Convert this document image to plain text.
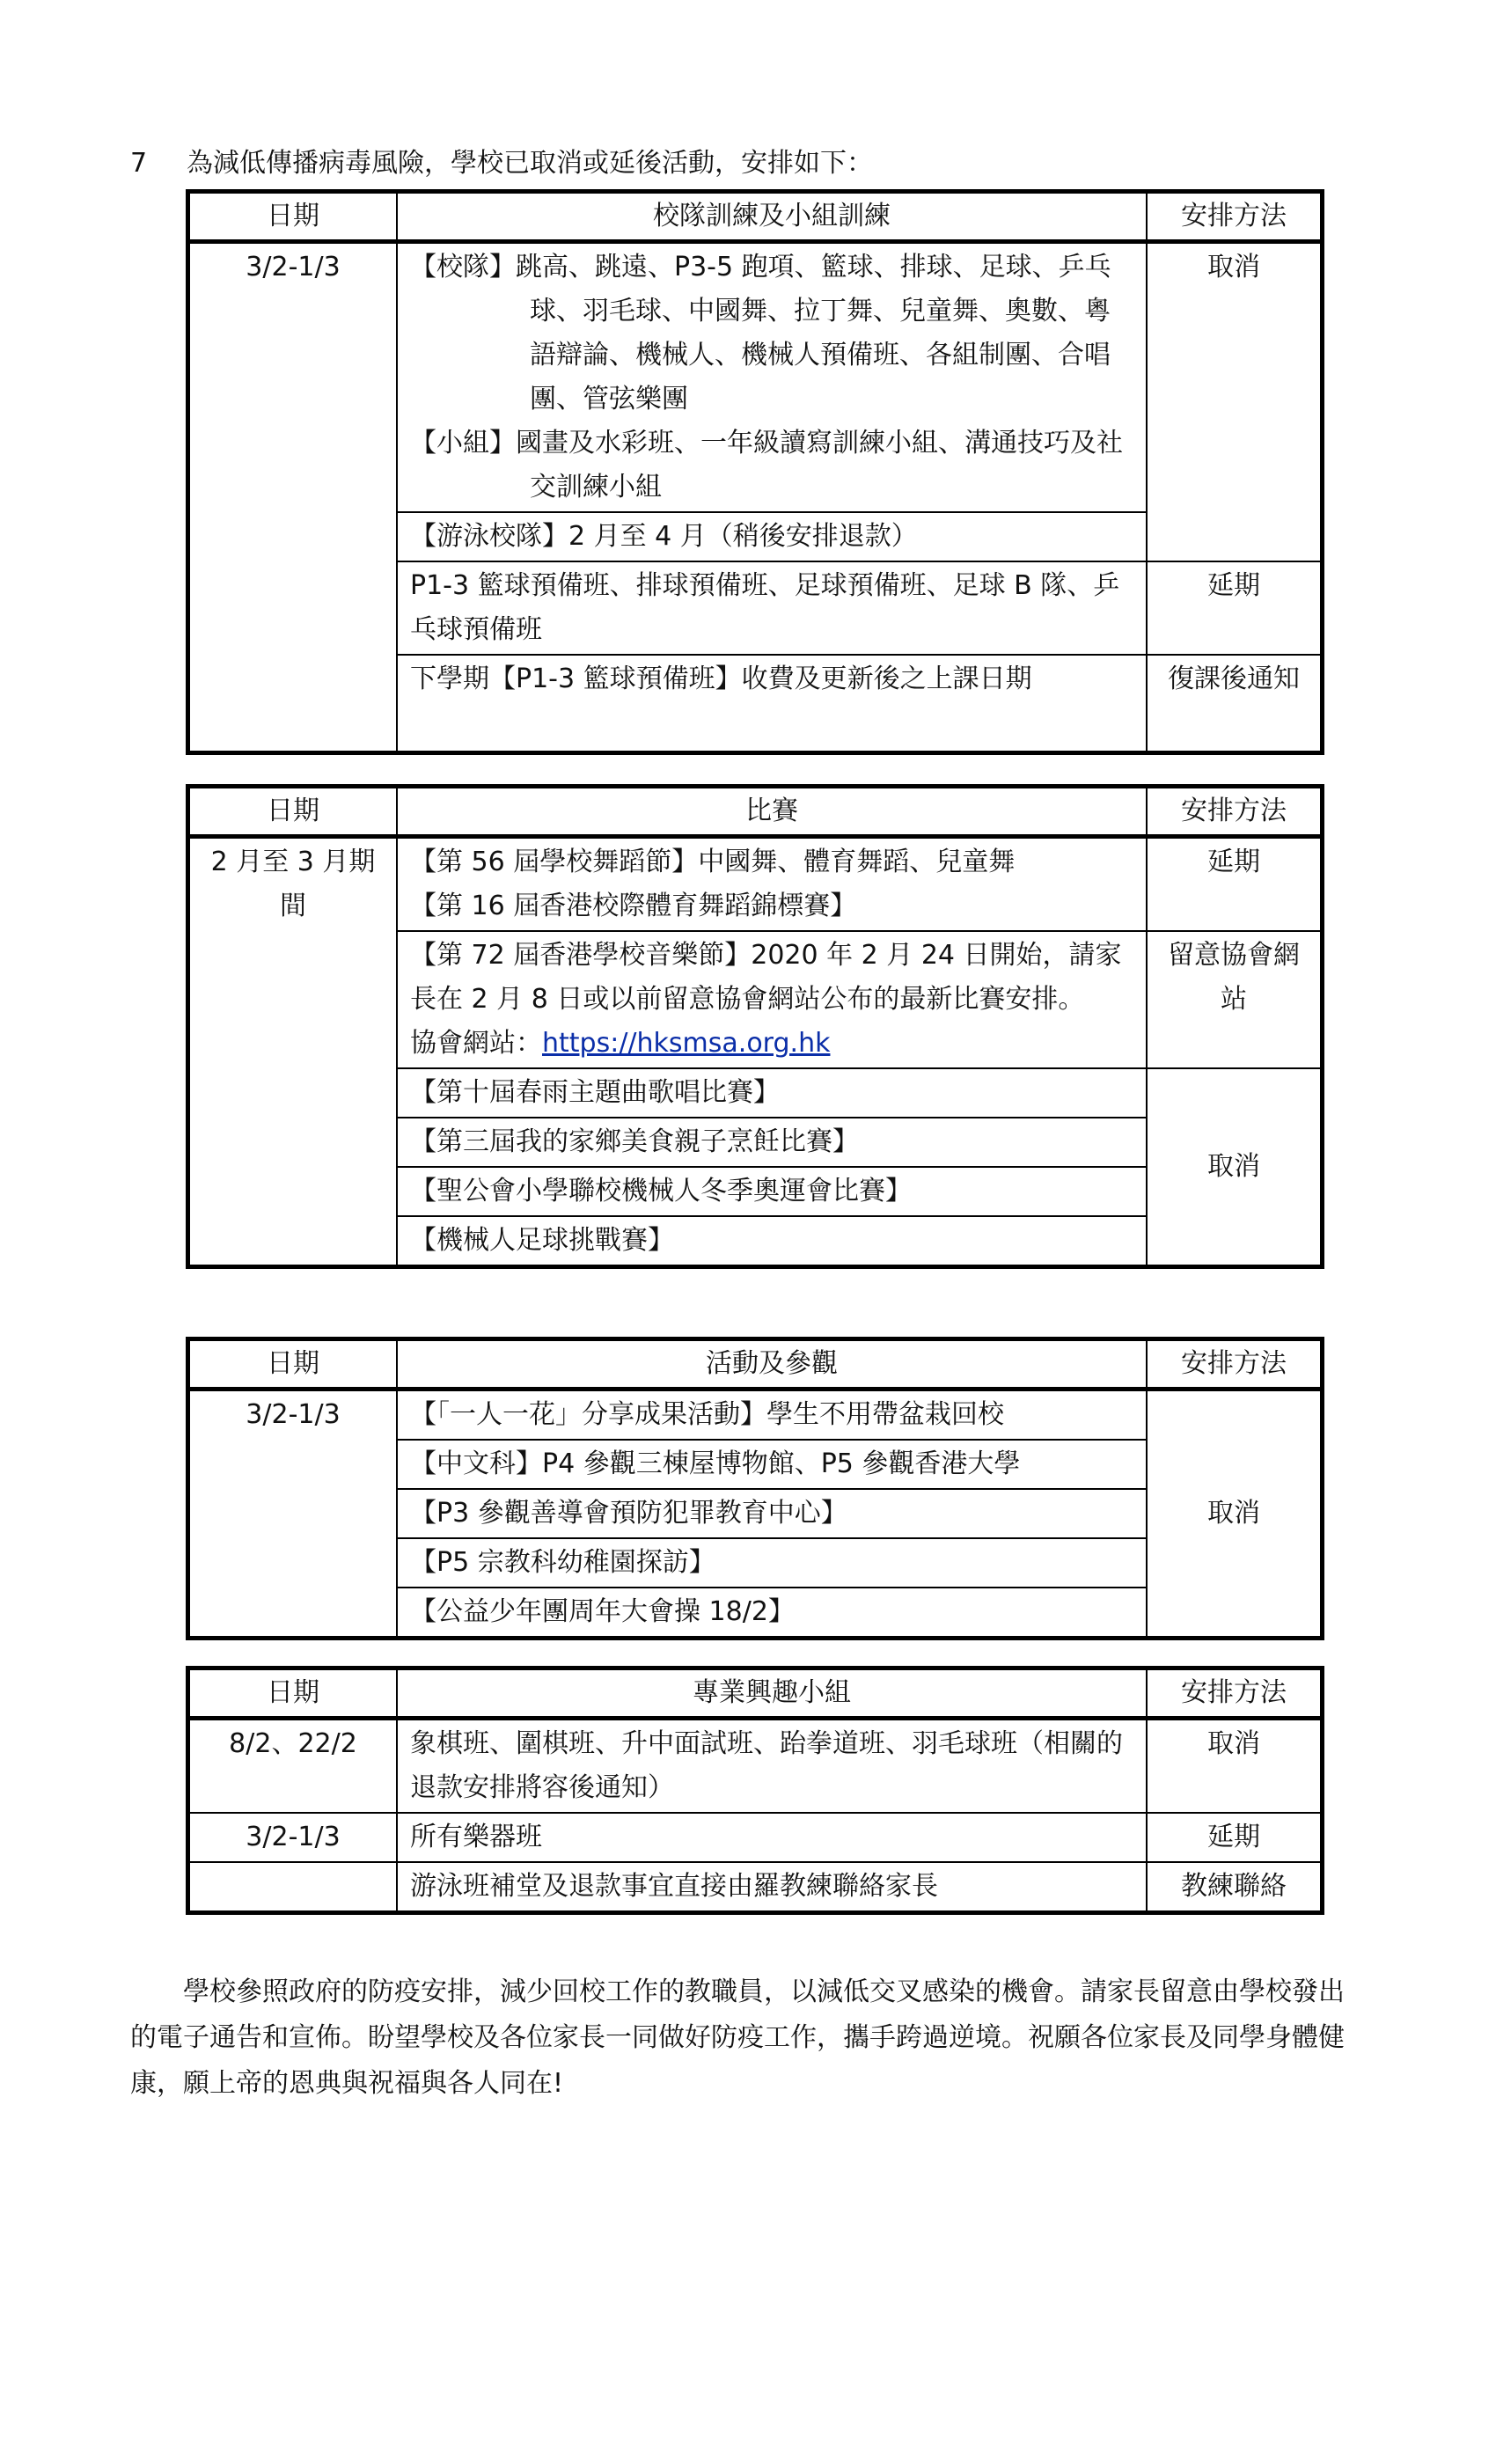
7 為減低傳播病毒風險，學校已取消或延後活動，安排如下：
日期	校隊訓練及小組訓練	安排方法
3/2-1/3	【校隊】跳高、跳遠、P3-5 跑項、籃球、排球、足球、乒乓球、羽毛球、中國舞、拉丁舞、兒童舞、奧數、粵語辯論、機械人、機械人預備班、各組制團、合唱團、管弦樂團
【小組】國畫及水彩班、一年級讀寫訓練小組、溝通技巧及社交訓練小組	取消
	【游泳校隊】2 月至 4 月（稍後安排退款）	
	P1-3 籃球預備班、排球預備班、足球預備班、足球 B 隊、乒乓球預備班	延期
	下學期【P1-3 籃球預備班】收費及更新後之上課日期	復課後通知
日期	比賽	安排方法
2 月至 3 月期間	【第 56 屆學校舞蹈節】中國舞、體育舞蹈、兒童舞
【第 16 屆香港校際體育舞蹈錦標賽】	延期

	【第 72 屆香港學校音樂節】2020 年 2 月 24 日開始，請家長在 2 月 8 日或以前留意協會網站公布的最新比賽安排。
協會網站：https://hksmsa.org.hk	留意協會網站
	【第十屆春雨主題曲歌唱比賽】	取消
	【第三屆我的家鄉美食親子烹飪比賽】	
	【聖公會小學聯校機械人冬季奧運會比賽】	
	【機械人足球挑戰賽】	
日期	活動及參觀	安排方法
3/2-1/3	【「一人一花」分享成果活動】學生不用帶盆栽回校	取消
	【中文科】P4 參觀三棟屋博物館、P5 參觀香港大學	
	【P3 參觀善導會預防犯罪教育中心】	
	【P5 宗教科幼稚園探訪】	
	【公益少年團周年大會操 18/2】	
日期	專業興趣小組	安排方法
8/2、22/2	象棋班、圍棋班、升中面試班、跆拳道班、羽毛球班（相關的退款安排將容後通知）	取消
3/2-1/3	所有樂器班	延期
	游泳班補堂及退款事宜直接由羅教練聯絡家長	教練聯絡

學校參照政府的防疫安排，減少回校工作的教職員，以減低交叉感染的機會。請家長留意由學校發出的電子通告和宣佈。盼望學校及各位家長一同做好防疫工作，攜手跨過逆境。祝願各位家長及同學身體健康，願上帝的恩典與祝福與各人同在!
